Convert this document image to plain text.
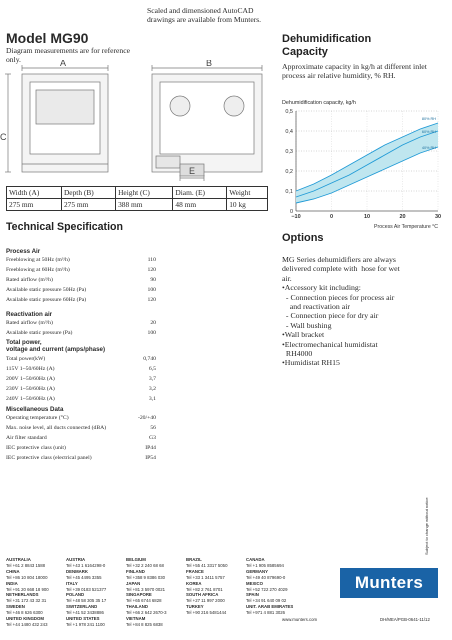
Model MG90
Diagram measurements are for reference only.
Scaled and dimensioned AutoCAD drawings are available from Munters.
A	B
C
E
Width (A)	Depth (B)	Height (C)	Diam. (E)	Weight
275 mm	275 mm	388 mm	48 mm	10 kg
Technical Specification
Process Air
Freeblowing at 50Hz (m³/h)	110
Freeblowing at 60Hz (m³/h)	120
Rated airflow (m³/h)	90
Available static pressure 50Hz (Pa)	100
Available static pressure 60Hz (Pa)	120
Reactivation air
Rated airflow (m³/h)	20
Available static pressure (Pa)	100
Total power,
voltage and current (amps/phase)
Total power(kW)	0,740
115V 1~50/60Hz (A)	6,5
200V 1~50/60Hz (A)	3,7
230V 1~50/60Hz (A)	3,2
240V 1~50/60Hz (A)	3,1
Miscellaneous Data
Operating temperature (°C)	-20/+40
Max. noise level, all ducts connected (dBA)	56
Air filter standard	G3
IEC protective class (unit)	IP44
IEC protective class (electrical panel)	IP54
Dehumidification
Capacity
Approximate capacity in kg/h at different inlet process air relative humidity, % RH.
Dehumidification capacity, kg/h
0
0,1
0,2
0,3
0,4
0,5
−10	0	10	20	30
80% RH
60% RH
40% RH
Process Air Temperature °C
Options
MG Series dehumidifiers are always
delivered complete with  hose for wet
air.
•Accessory kit including:
- Connection pieces for process air
and reactivation air
- Connection piece for dry air
- Wall bushing
•Wall bracket
•Electromechanical humidistat
RH4000
•Humidistat RH15
AUSTRALIA
Tel +61 2 8843 1588
CHINA
Tel +86 10 804 18000
INDIA
Tel +91 20 668 18 900
NETHERLANDS
Tel +31 172 43 32 31
SWEDEN
Tel +46 8 626 6300
UNITED KINGDOM
Tel +44 1480 432 243
AUSTRIA
Tel +43 1 6164298-0
DENMARK
Tel +45 4495 3355
ITALY
Tel +39 0183 521377
POLAND
Tel +48 58 305 35 17
SWITZERLAND
Tel +41 52 3438886
UNITED STATES
Tel +1 978 241 1100
BELGIUM
Tel +32 2 240 68 68
FINLAND
Tel +358 9 8386 030
JAPAN
Tel +81 3 5970 0021
SINGAPORE
Tel +65 6744 6828
THAILAND
Tel +66 2 642 2670-3
VIETNAM
Tel +84 8 825 6838
BRAZIL
Tel +55 41 3317 5050
FRANCE
Tel +33 1 3411 5757
KOREA
Tel +82 2 761 8701
SOUTH AFRICA
Tel +27 11 997 2000
TURKEY
Tel +90 216 5481444
CANADA
Tel +1 905 8585694
GERMANY
Tel +49 40 879690-0
MEXICO
Tel +52 722 270 4029
SPAIN
Tel +34 91 640 09 02
UNIT. ARAB EMIRATES
Tel +971 4 881 3026
Munters
www.munters.com	DH/MEA/PGB-0641-11/12
Subject to change without notice
